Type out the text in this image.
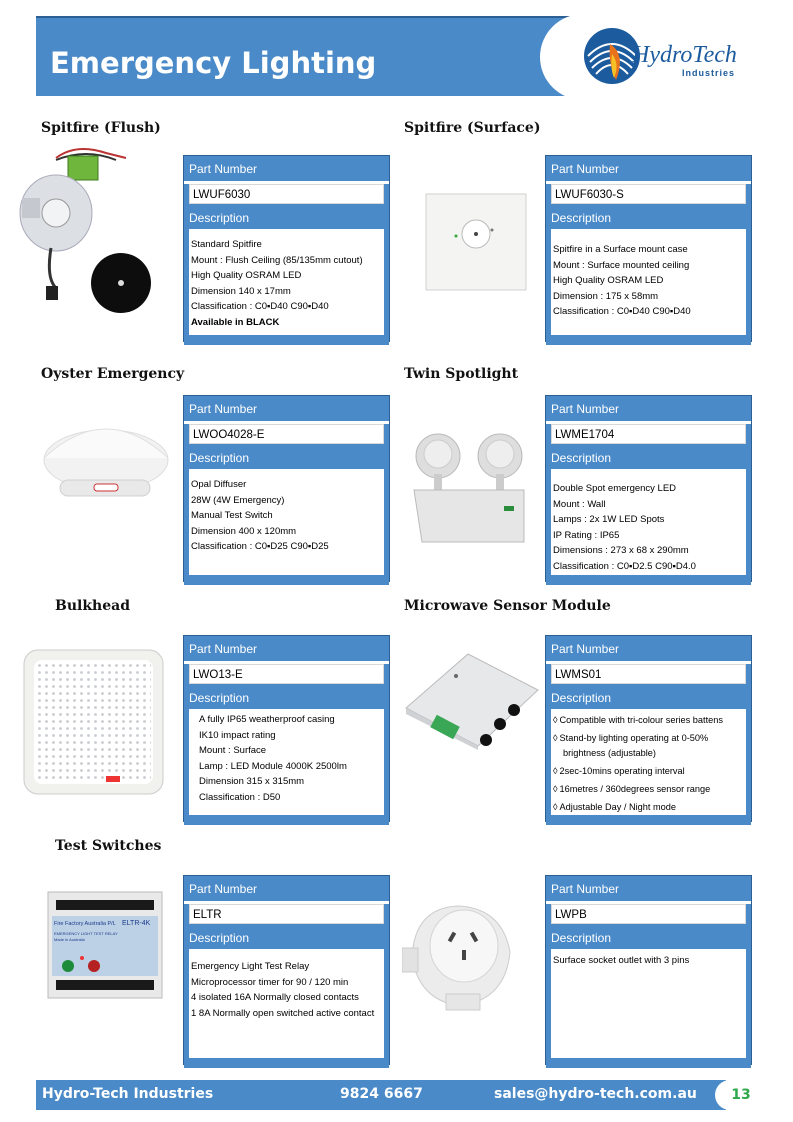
Emergency Lighting	HydroTech
Industries
Spitfire (Flush)	Spitfire (Surface)
Oyster Emergency	Twin Spotlight
Bulkhead	Microwave Sensor Module
Test Switches
Part Number
LWUF6030
Description
Standard Spitfire
Mount : Flush Ceiling (85/135mm cutout)
High Quality OSRAM LED
Dimension 140 x 17mm
Classification : C0▪D40 C90▪D40
Available in BLACK
Part Number
LWUF6030-S
Description
Spitfire in a Surface mount case
Mount : Surface mounted ceiling
High Quality OSRAM LED
Dimension : 175 x 58mm
Classification : C0▪D40 C90▪D40
Part Number
LWOO4028-E
Description
Opal Diffuser
28W (4W Emergency)
Manual Test Switch
Dimension 400 x 120mm
Classification : C0▪D25 C90▪D25
Part Number
LWME1704
Description
Double Spot emergency LED
Mount : Wall
Lamps : 2x 1W LED Spots
IP Rating : IP65
Dimensions : 273 x 68 x 290mm
Classification : C0▪D2.5 C90▪D4.0
Part Number
LWO13-E
Description
A fully IP65 weatherproof casing
IK10 impact rating
Mount : Surface
Lamp : LED Module 4000K 2500lm
Dimension 315 x 315mm
Classification : D50
Part Number
LWMS01
Description
◊ Compatible with tri-colour series battens
◊ Stand-by lighting operating at 0-50%
brightness (adjustable)
◊ 2sec-10mins operating interval
◊ 16metres / 360degrees sensor range
◊ Adjustable Day / Night mode
Part Number
ELTR
Description
Emergency Light Test Relay
Microprocessor timer for 90 / 120 min
4 isolated 16A Normally closed contacts
1 8A Normally open switched active contact
Part Number
LWPB
Description
Surface socket outlet with 3 pins
Fire Factory Australia P/L ELTR-4K
EMERGENCY LIGHT TEST RELAY
Made in Australia
Hydro-Tech Industries	9824 6667	sales@hydro-tech.com.au	13
